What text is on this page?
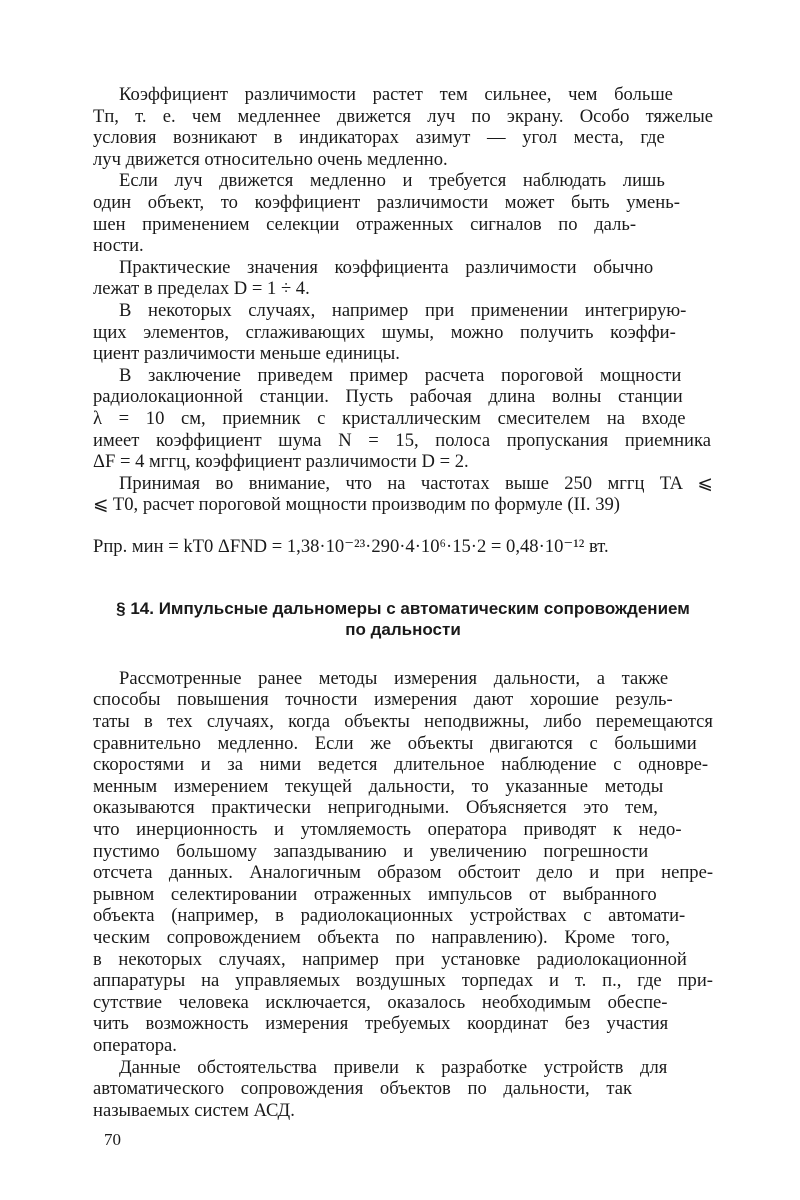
Коэффициент различимости растет тем сильнее, чем больше
Tп, т. е. чем медленнее движется луч по экрану. Особо тяжелые
условия возникают в индикаторах азимут — угол места, где
луч движется относительно очень медленно.
Если луч движется медленно и требуется наблюдать лишь
один объект, то коэффициент различимости может быть умень-
шен применением селекции отраженных сигналов по даль-
ности.
Практические значения коэффициента различимости обычно
лежат в пределах D = 1 ÷ 4.
В некоторых случаях, например при применении интегрирую-
щих элементов, сглаживающих шумы, можно получить коэффи-
циент различимости меньше единицы.
В заключение приведем пример расчета пороговой мощности
радиолокационной станции. Пусть рабочая длина волны станции
λ = 10 см, приемник с кристаллическим смесителем на входе
имеет коэффициент шума N = 15, полоса пропускания приемника
ΔF = 4 мггц, коэффициент различимости D = 2.
Принимая во внимание, что на частотах выше 250 мггц TA ⩽
⩽ T0, расчет пороговой мощности производим по формуле (II. 39)
Pпр. мин = kT0 ΔFND = 1,38·10⁻²³·290·4·10⁶·15·2 = 0,48·10⁻¹² вт.
§ 14. Импульсные дальномеры с автоматическим сопровождением
по дальности
Рассмотренные ранее методы измерения дальности, а также
способы повышения точности измерения дают хорошие резуль-
таты в тех случаях, когда объекты неподвижны, либо перемещаются
сравнительно медленно. Если же объекты двигаются с большими
скоростями и за ними ведется длительное наблюдение с одновре-
менным измерением текущей дальности, то указанные методы
оказываются практически непригодными. Объясняется это тем,
что инерционность и утомляемость оператора приводят к недо-
пустимо большому запаздыванию и увеличению погрешности
отсчета данных. Аналогичным образом обстоит дело и при непре-
рывном селектировании отраженных импульсов от выбранного
объекта (например, в радиолокационных устройствах с автомати-
ческим сопровождением объекта по направлению). Кроме того,
в некоторых случаях, например при установке радиолокационной
аппаратуры на управляемых воздушных торпедах и т. п., где при-
сутствие человека исключается, оказалось необходимым обеспе-
чить возможность измерения требуемых координат без участия
оператора.
Данные обстоятельства привели к разработке устройств для
автоматического сопровождения объектов по дальности, так
называемых систем АСД.
70
